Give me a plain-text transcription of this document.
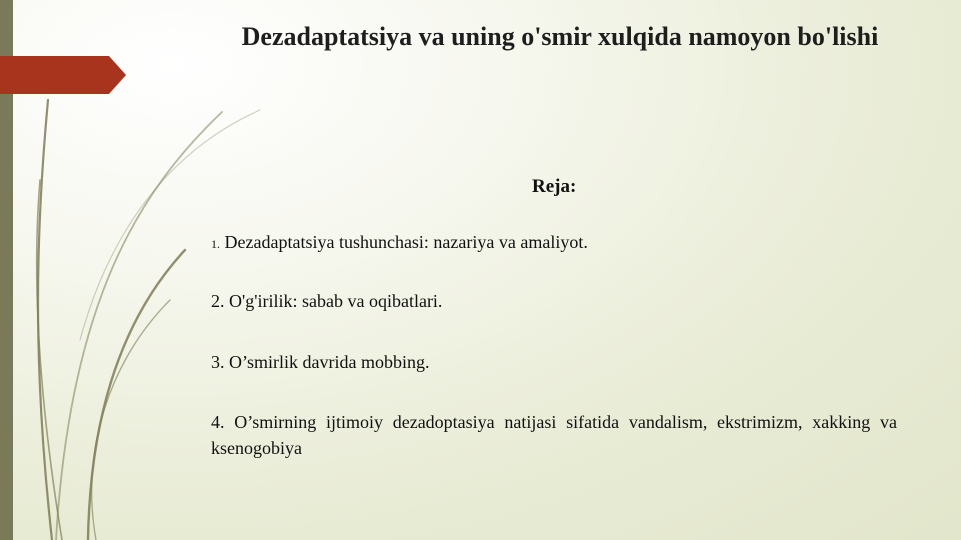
Dezadaptatsiya va uning o'smir xulqida namoyon bo'lishi

Reja:

1. Dezadaptatsiya tushunchasi: nazariya va amaliyot.
2. O'g'irilik: sabab va oqibatlari.
3. O’smirlik davrida mobbing.
4. O’smirning ijtimoiy dezadoptasiya natijasi sifatida vandalism, ekstrimizm, xakking va ksenogobiya
